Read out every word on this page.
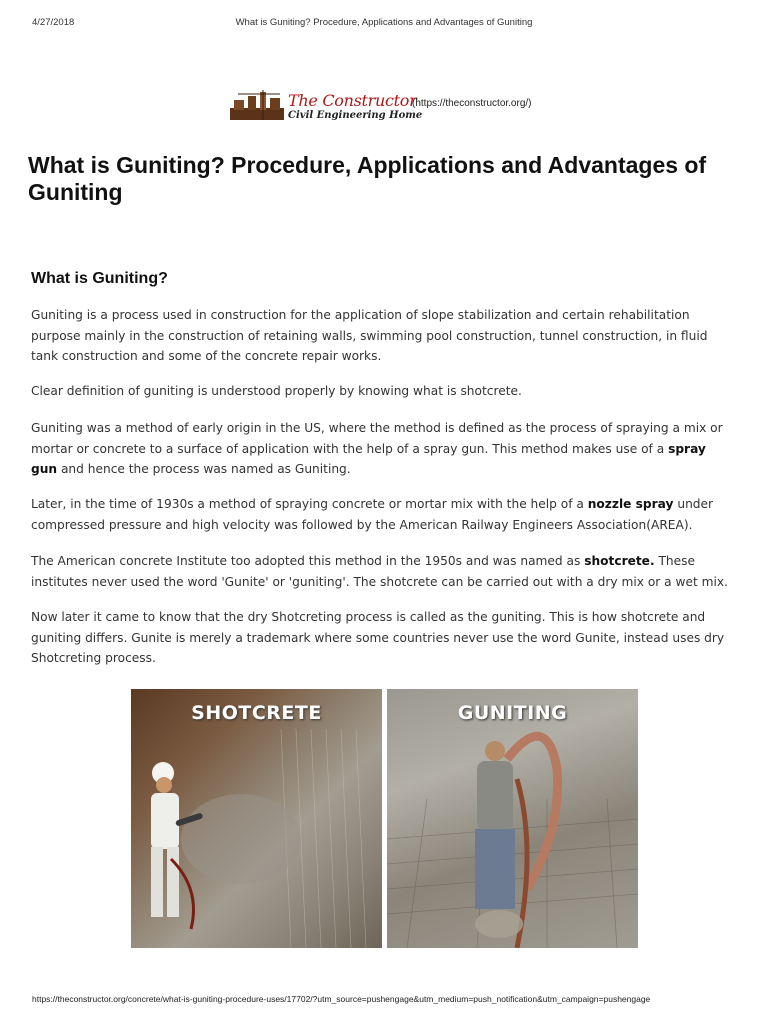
4/27/2018	What is Guniting? Procedure, Applications and Advantages of Guniting
The Constructor
Civil Engineering Home
(https://theconstructor.org/)
What is Guniting? Procedure, Applications and Advantages of Guniting
What is Guniting?

Guniting is a process used in construction for the application of slope stabilization and certain rehabilitation purpose mainly in the construction of retaining walls, swimming pool construction, tunnel construction, in fluid tank construction and some of the concrete repair works.

Clear definition of guniting is understood properly by knowing what is shotcrete.

Guniting was a method of early origin in the US, where the method is defined as the process of spraying a mix or mortar or concrete to a surface of application with the help of a spray gun. This method makes use of a spray gun and hence the process was named as Guniting.

Later, in the time of 1930s a method of spraying concrete or mortar mix with the help of a nozzle spray under compressed pressure and high velocity was followed by the American Railway Engineers Association(AREA).

The American concrete Institute too adopted this method in the 1950s and was named as shotcrete. These institutes never used the word 'Gunite' or 'guniting'. The shotcrete can be carried out with a dry mix or a wet mix.

Now later it came to know that the dry Shotcreting process is called as the guniting. This is how shotcrete and guniting differs. Gunite is merely a trademark where some countries never use the word Gunite, instead uses dry Shotcreting process.

SHOTCRETE	GUNITING
https://theconstructor.org/concrete/what-is-guniting-procedure-uses/17702/?utm_source=pushengage&utm_medium=push_notification&utm_campaign=pushengage
